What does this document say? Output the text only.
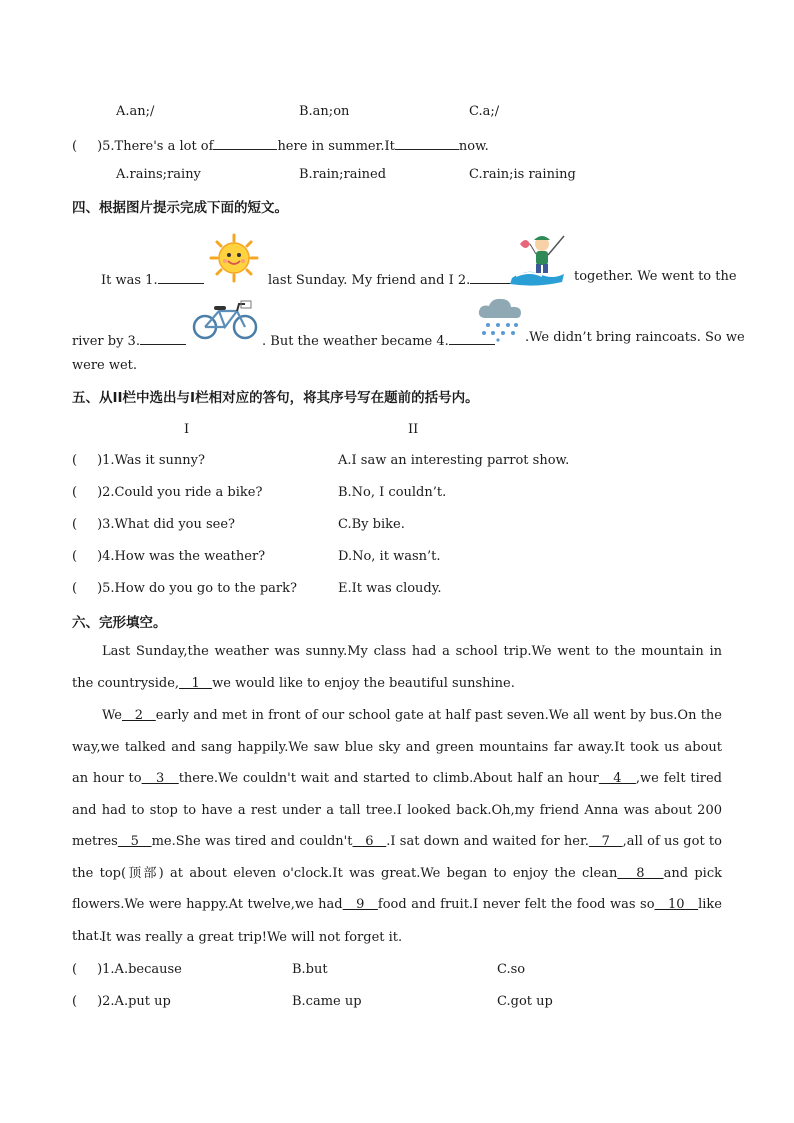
A.an;/	B.an;on	C.a;/
( )5.There's a lot of	here in summer.It	now.
A.rains;rainy	B.rain;rained	C.rain;is raining
四、根据图片提示完成下面的短文。
It was 1.	last Sunday. My friend and I 2.	together. We went to the
river by 3.	. But the weather became 4.	.We didn’t bring raincoats. So we
were wet.
五、从II栏中选出与I栏相对应的答句，将其序号写在题前的括号内。
I	II
( )1.Was it sunny?	A.I saw an interesting parrot show.
( )2.Could you ride a bike?	B.No, I couldn’t.
( )3.What did you see?	C.By bike.
( )4.How was the weather?	D.No, it wasn’t.
( )5.How do you go to the park?	E.It was cloudy.
六、完形填空。
Last Sunday,the weather was sunny.My class had a school trip.We went to the mountain in the countryside,   1   we would like to enjoy the beautiful sunshine.
We   2   early and met in front of our school gate at half past seven.We all went by bus.On the way,we talked and sang happily.We saw blue sky and green mountains far away.It took us about an hour to   3   there.We couldn't wait and started to climb.About half an hour   4   ,we felt tired and had to stop to have a rest under a tall tree.I looked back.Oh,my friend Anna was about 200 metres   5   me.She was tired and couldn't   6   .I sat down and waited for her.   7   ,all of us got to the top(顶部) at about eleven o'clock.It was great.We began to enjoy the clean   8   and pick flowers.We were happy.At twelve,we had   9   food and fruit.I never felt the food was so   10   like that.
It was really a great trip!We will not forget it.
( )1.A.because	B.but	C.so
( )2.A.put up	B.came up	C.got up
